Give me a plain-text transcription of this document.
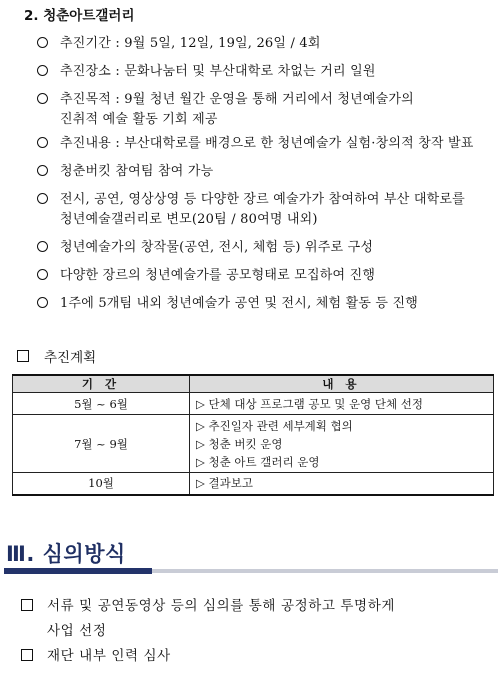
2. 청춘아트갤러리
추진기간 : 9월 5일, 12일, 19일, 26일 / 4회
추진장소 : 문화나눔터 및 부산대학로 차없는 거리 일원
추진목적 : 9월 청년 월간 운영을 통해 거리에서 청년예술가의
진취적 예술 활동 기회 제공
추진내용 : 부산대학로를 배경으로 한 청년예술가 실험·창의적 창작 발표
청춘버킷 참여팀 참여 가능
전시, 공연, 영상상영 등 다양한 장르 예술가가 참여하여 부산 대학로를
청년예술갤러리로 변모(20팀 / 80여명 내외)
청년예술가의 창작물(공연, 전시, 체험 등) 위주로 구성
다양한 장르의 청년예술가를 공모형태로 모집하여 진행
1주에 5개팀 내외 청년예술가 공연 및 전시, 체험 활동 등 진행
추진계획
기 간	내 용
5월 ~ 6월	▷ 단체 대상 프로그램 공모 및 운영 단체 선정

7월 ~ 9월	▷ 추진일자 관련 세부계획 협의
▷ 청춘 버킷 운영
▷ 청춘 아트 갤러리 운영

10월	▷ 결과보고
Ⅲ. 심의방식
서류 및 공연동영상 등의 심의를 통해 공정하고 투명하게
사업 선정
재단 내부 인력 심사
